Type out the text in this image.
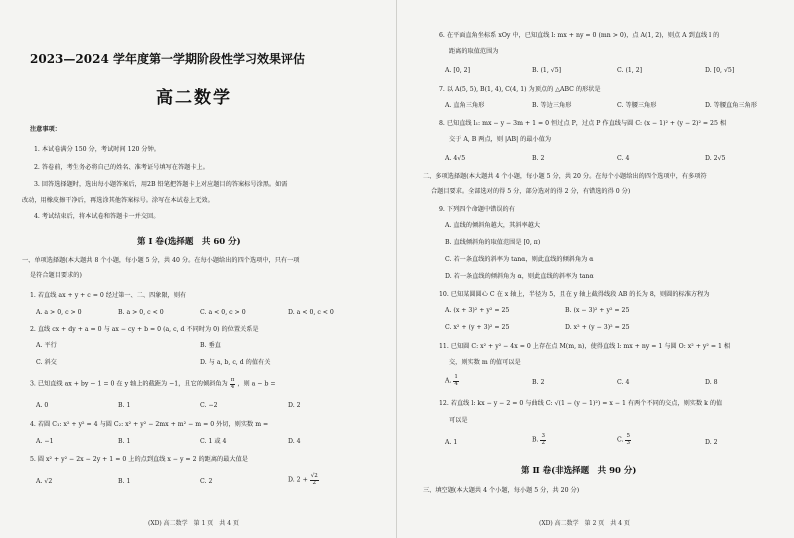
2023—2024 学年度第一学期阶段性学习效果评估
高二数学
注意事项：
1. 本试卷满分 150 分，考试时间 120 分钟。
2. 答卷前，考生务必将自己的姓名、准考证号填写在答题卡上。
3. 回答选择题时，选出每小题答案后，用2B 铅笔把答题卡上对应题目的答案标号涂黑。如需
改动，用橡皮擦干净后，再选涂其他答案标号。涂写在本试卷上无效。
4. 考试结束后，将本试卷和答题卡一并交回。
第 Ⅰ 卷(选择题　共 60 分)
一、单项选择题(本大题共 8 个小题，每小题 5 分，共 40 分。在每小题给出的四个选项中，只有一项
是符合题目要求的)
1. 若直线 ax + y + c = 0 经过第一、二、四象限，则有
A. a > 0, c > 0	B. a > 0, c < 0	C. a < 0, c > 0	D. a < 0, c < 0
2. 直线 cx + dy + a = 0 与 ax − cy + b = 0 (a, c, d 不同时为 0) 的位置关系是
A. 平行	B. 垂直
C. 斜交	D. 与 a, b, c, d 的值有关
3. 已知直线 ax + by − 1 = 0 在 y 轴上的截距为 −1，且它的倾斜角为 $\frac{\pi}{4}$ ，则 a − b =
A. 0	B. 1	C. −2	D. 2
4. 若圆 C₁: x² + y² = 4 与圆 C₂: x² + y² − 2mx + m² − m = 0 外切，则实数 m =
A. −1	B. 1	C. 1 或 4	D. 4
5. 圆 x² + y² − 2x − 2y + 1 = 0 上的点到直线 x − y = 2 的距离的最大值是
A. √2	B. 1	C. 2	D. $2 + \frac{√2}{2}$
(XD) 高二数学　第 1 页　共 4 页
6. 在平面直角坐标系 xOy 中，已知直线 l: mx + ny = 0 (mn > 0)，点 A(1, 2)，则点 A 到直线 l 的
距离的取值范围为
A. [0, 2]	B. (1, √5]	C. (1, 2]	D. [0, √5]
7. 以 A(5, 5), B(1, 4), C(4, 1) 为顶点的 △ABC 的形状是
A. 直角三角形	B. 等边三角形	C. 等腰三角形	D. 等腰直角三角形
8. 已知直线 l₁: mx − y − 3m + 1 = 0 恒过点 P，过点 P 作直线与圆 C: (x − 1)² + (y − 2)² = 25 相
交于 A, B 两点，则 |AB| 的最小值为
A. 4√5	B. 2	C. 4	D. 2√5
二、多项选择题(本大题共 4 个小题，每小题 5 分，共 20 分。在每个小题给出的四个选项中，有多项符
合题目要求。全部选对的得 5 分，部分选对的得 2 分，有错选的得 0 分)
9. 下列四个命题中错误的有
A. 直线的倾斜角越大，其斜率越大
B. 直线倾斜角的取值范围是 [0, π)
C. 若一条直线的斜率为 tanα，则此直线的倾斜角为 α
D. 若一条直线的倾斜角为 α，则此直线的斜率为 tanα
10. 已知某圆圆心 C 在 x 轴上，半径为 5，且在 y 轴上截得线段 AB 的长为 8，则圆的标准方程为
A. (x + 3)² + y² = 25	B. (x − 3)² + y² = 25
C. x² + (y + 3)² = 25	D. x² + (y − 3)² = 25
11. 已知圆 C: x² + y² − 4x = 0 上存在点 M(m, n)，使得直线 l: mx + ny = 1 与圆 O: x² + y² = 1 相
交，则实数 m 的值可以是
A. $\frac{1}{4}$	B. 2	C. 4	D. 8
12. 若直线 l: kx − y − 2 = 0 与曲线 C: √(1 − (y − 1)²) = x − 1 有两个不同的交点，则实数 k 的值
可以是
A. 1	B. $\frac{3}{2}$	C. $\frac{5}{3}$	D. 2
第 Ⅱ 卷(非选择题　共 90 分)
三、填空题(本大题共 4 个小题，每小题 5 分，共 20 分)
(XD) 高二数学　第 2 页　共 4 页
